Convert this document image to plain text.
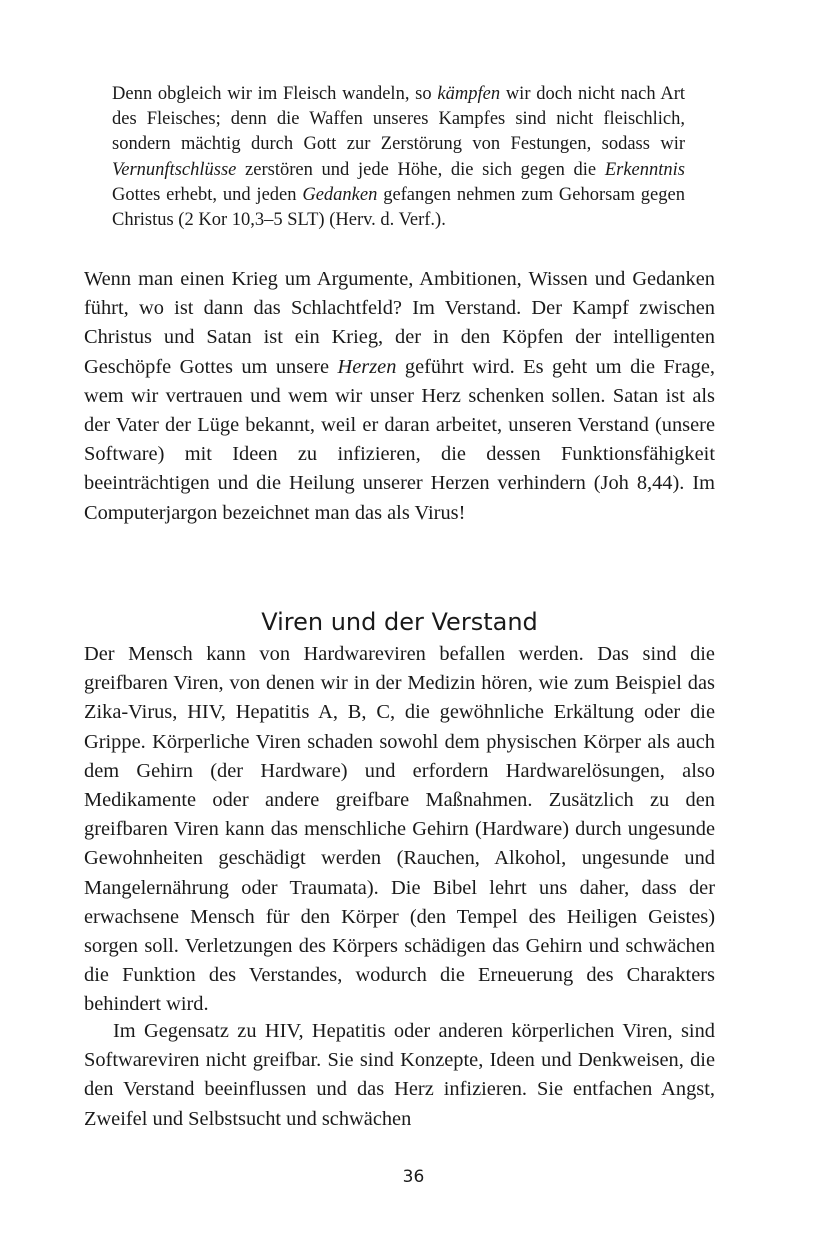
Denn obgleich wir im Fleisch wandeln, so kämpfen wir doch nicht nach Art des Fleisches; denn die Waffen unseres Kampfes sind nicht fleischlich, sondern mächtig durch Gott zur Zerstörung von Festungen, sodass wir Vernunftschlüsse zerstören und jede Höhe, die sich gegen die Erkenntnis Gottes erhebt, und jeden Gedanken gefangen nehmen zum Gehorsam gegen Christus (2 Kor 10,3–5 SLT) (Herv. d. Verf.).

Wenn man einen Krieg um Argumente, Ambitionen, Wissen und Gedanken führt, wo ist dann das Schlachtfeld? Im Verstand. Der Kampf zwischen Christus und Satan ist ein Krieg, der in den Köpfen der intelligenten Geschöpfe Gottes um unsere Herzen geführt wird. Es geht um die Frage, wem wir vertrauen und wem wir unser Herz schenken sollen. Satan ist als der Vater der Lüge bekannt, weil er daran arbeitet, unseren Verstand (unsere Software) mit Ideen zu infizieren, die dessen Funktionsfähigkeit beeinträchtigen und die Heilung unserer Herzen verhindern (Joh 8,44). Im Computerjargon bezeichnet man das als Virus!

Viren und der Verstand

Der Mensch kann von Hardwareviren befallen werden. Das sind die greifbaren Viren, von denen wir in der Medizin hören, wie zum Beispiel das Zika-Virus, HIV, Hepatitis A, B, C, die gewöhnliche Erkältung oder die Grippe. Körperliche Viren schaden sowohl dem physischen Körper als auch dem Gehirn (der Hardware) und erfordern Hardwarelösungen, also Medikamente oder andere greifbare Maßnahmen. Zusätzlich zu den greifbaren Viren kann das menschliche Gehirn (Hardware) durch ungesunde Gewohnheiten geschädigt werden (Rauchen, Alkohol, ungesunde und Mangelernährung oder Traumata). Die Bibel lehrt uns daher, dass der erwachsene Mensch für den Körper (den Tempel des Heiligen Geistes) sorgen soll. Verletzungen des Körpers schädigen das Gehirn und schwächen die Funktion des Verstandes, wodurch die Erneuerung des Charakters behindert wird.

Im Gegensatz zu HIV, Hepatitis oder anderen körperlichen Viren, sind Softwareviren nicht greifbar. Sie sind Konzepte, Ideen und Denkweisen, die den Verstand beeinflussen und das Herz infizieren. Sie entfachen Angst, Zweifel und Selbstsucht und schwächen

36
